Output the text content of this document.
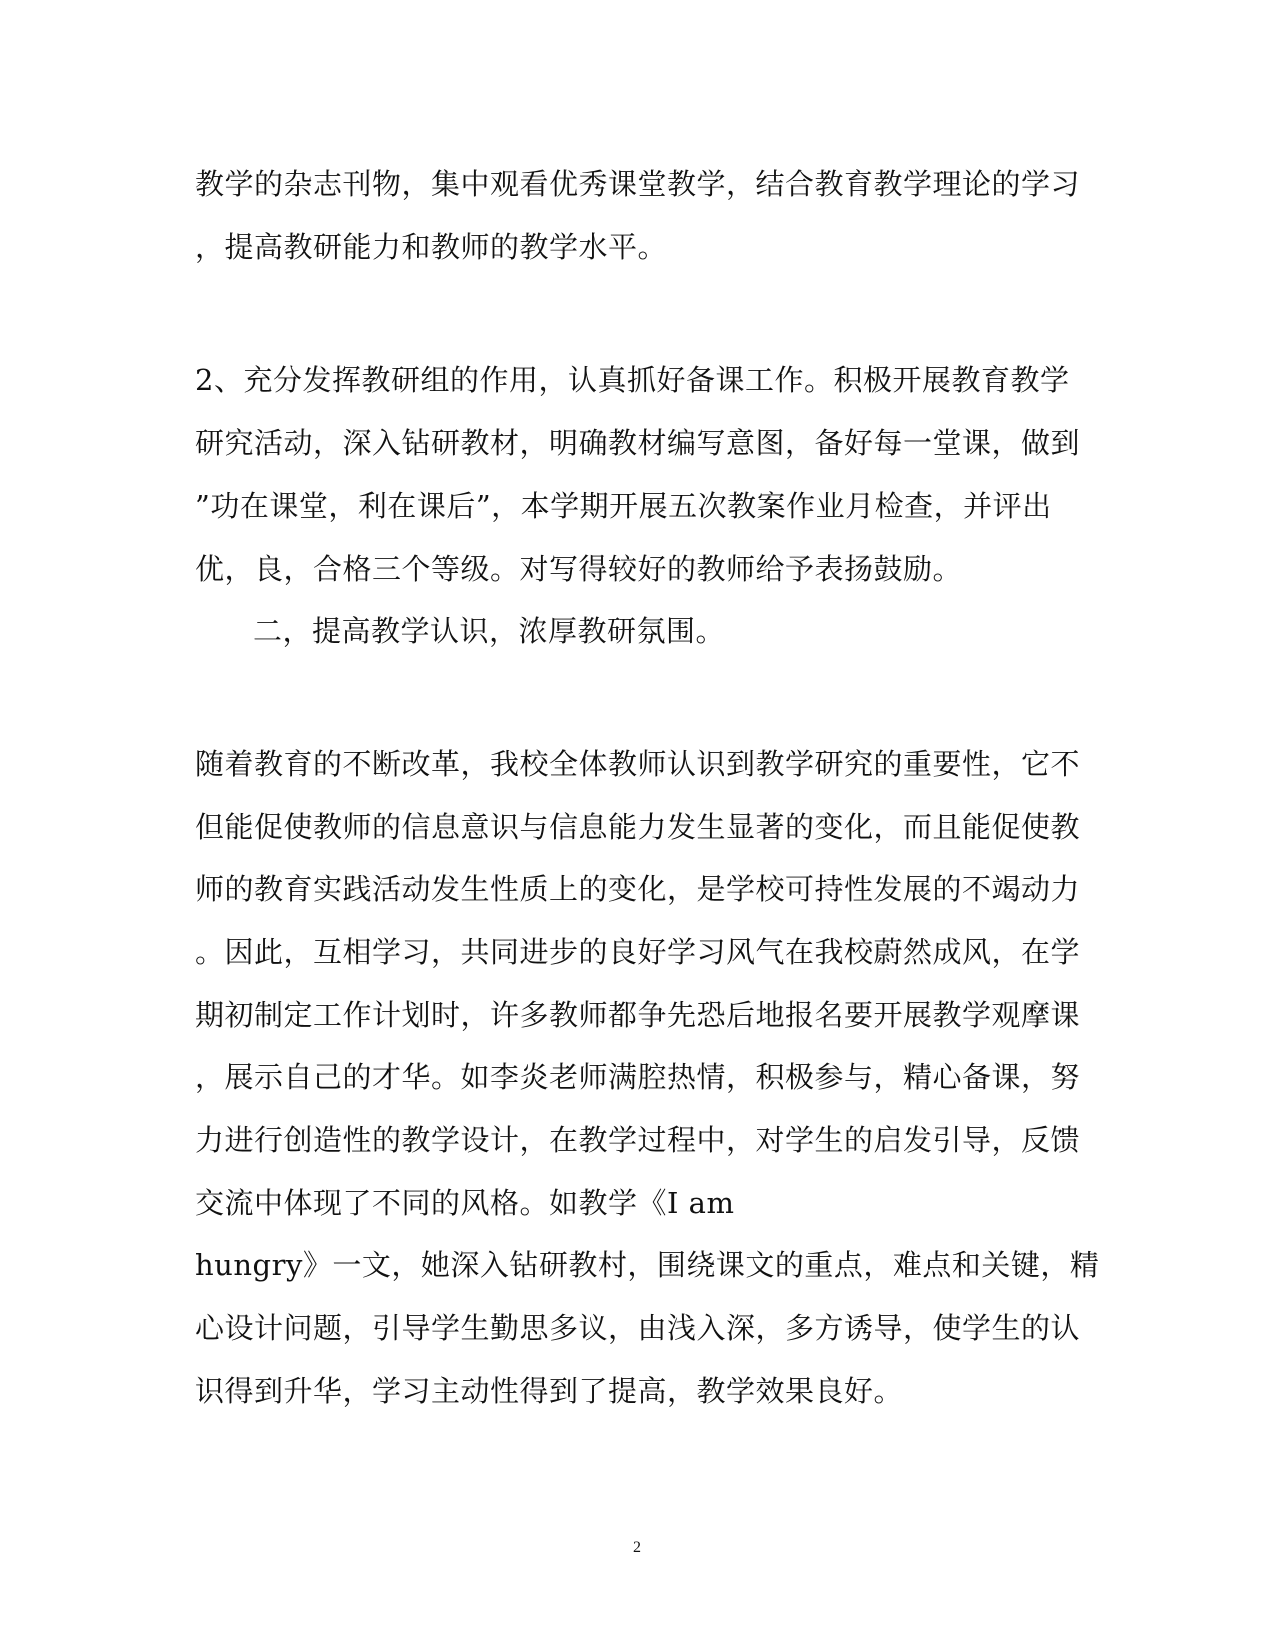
教学的杂志刊物，集中观看优秀课堂教学，结合教育教学理论的学习
，提高教研能力和教师的教学水平。
2、充分发挥教研组的作用，认真抓好备课工作。积极开展教育教学
研究活动，深入钻研教材，明确教材编写意图，备好每一堂课，做到
”功在课堂，利在课后”，本学期开展五次教案作业月检查，并评出
优，良，合格三个等级。对写得较好的教师给予表扬鼓励。
二，提高教学认识，浓厚教研氛围。
随着教育的不断改革，我校全体教师认识到教学研究的重要性，它不
但能促使教师的信息意识与信息能力发生显著的变化，而且能促使教
师的教育实践活动发生性质上的变化，是学校可持性发展的不竭动力
。因此，互相学习，共同进步的良好学习风气在我校蔚然成风，在学
期初制定工作计划时，许多教师都争先恐后地报名要开展教学观摩课
，展示自己的才华。如李炎老师满腔热情，积极参与，精心备课，努
力进行创造性的教学设计，在教学过程中，对学生的启发引导，反馈
交流中体现了不同的风格。如教学《I am
hungry》一文，她深入钻研教村，围绕课文的重点，难点和关键，精
心设计问题，引导学生勤思多议，由浅入深，多方诱导，使学生的认
识得到升华，学习主动性得到了提高，教学效果良好。
2
